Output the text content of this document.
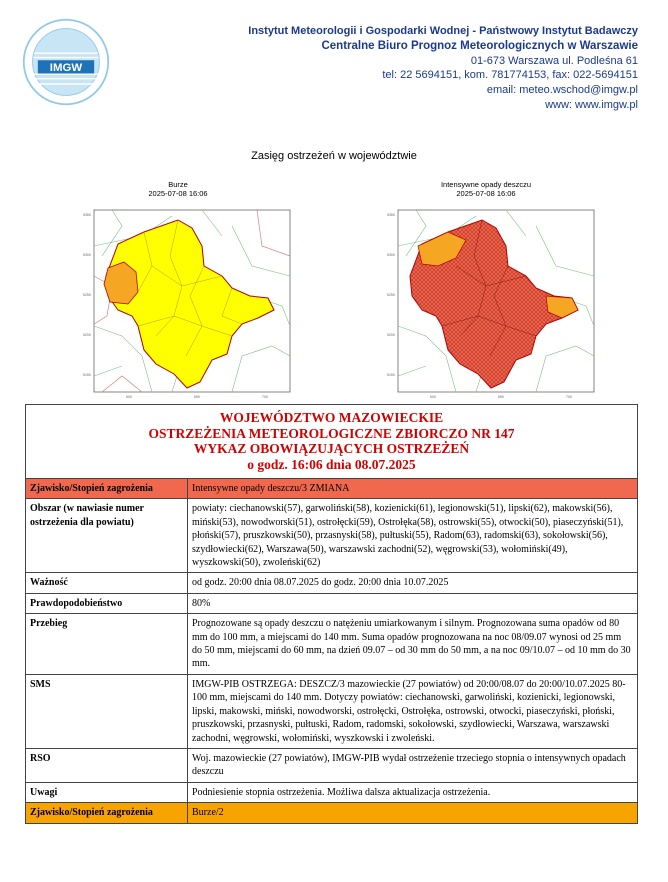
IMGW
Instytut Meteorologii i Gospodarki Wodnej - Państwowy Instytut Badawczy
Centralne Biuro Prognoz Meteorologicznych w Warszawie
01-673 Warszawa ul. Podleśna 61
tel: 22 5694151, kom. 781774153, fax: 022-5694151
email: meteo.wschod@imgw.pl
www: www.imgw.pl
Zasięg ostrzeżeń w województwie
Burze
2025-07-08 16:06
5350
5300
5250
5200
5150
600	650	700
Intensywne opady deszczu
2025-07-08 16:06
5350
5300
5250
5200
5150
600	650	700
WOJEWÓDZTWO MAZOWIECKIE
OSTRZEŻENIA METEOROLOGICZNE ZBIORCZO NR 147
WYKAZ OBOWIĄZUJĄCYCH OSTRZEŻEŃ
o godz. 16:06 dnia 08.07.2025	

Zjawisko/Stopień zagrożenia	Intensywne opady deszczu/3 ZMIANA
Obszar (w nawiasie numer ostrzeżenia dla powiatu)	powiaty: ciechanowski(57), garwoliński(58), kozienicki(61), legionowski(51), lipski(62), makowski(56), miński(53), nowodworski(51), ostrołęcki(59), Ostrołęka(58), ostrowski(55), otwocki(50), piaseczyński(51), płoński(57), pruszkowski(50), przasnyski(58), pułtuski(55), Radom(63), radomski(63), sokołowski(56), szydłowiecki(62), Warszawa(50), warszawski zachodni(52), węgrowski(53), wołomiński(49), wyszkowski(50), zwoleński(62)
Ważność	od godz. 20:00 dnia 08.07.2025 do godz. 20:00 dnia 10.07.2025
Prawdopodobieństwo	80%
Przebieg	Prognozowane są opady deszczu o natężeniu umiarkowanym i silnym. Prognozowana suma opadów od 80 mm do 100 mm, a miejscami do 140 mm. Suma opadów prognozowana na noc 08/09.07 wynosi od 25 mm do 50 mm, miejscami do 60 mm, na dzień 09.07 – od 30 mm do 50 mm, a na noc 09/10.07 – od 10 mm do 30 mm.
SMS	IMGW-PIB OSTRZEGA: DESZCZ/3 mazowieckie (27 powiatów) od 20:00/08.07 do 20:00/10.07.2025 80-100 mm, miejscami do 140 mm. Dotyczy powiatów: ciechanowski, garwoliński, kozienicki, legionowski, lipski, makowski, miński, nowodworski, ostrołęcki, Ostrołęka, ostrowski, otwocki, piaseczyński, płoński, pruszkowski, przasnyski, pułtuski, Radom, radomski, sokołowski, szydłowiecki, Warszawa, warszawski zachodni, węgrowski, wołomiński, wyszkowski i zwoleński.
RSO	Woj. mazowieckie (27 powiatów), IMGW-PIB wydał ostrzeżenie trzeciego stopnia o intensywnych opadach deszczu
Uwagi	Podniesienie stopnia ostrzeżenia. Możliwa dalsza aktualizacja ostrzeżenia.
Zjawisko/Stopień zagrożenia	Burze/2
